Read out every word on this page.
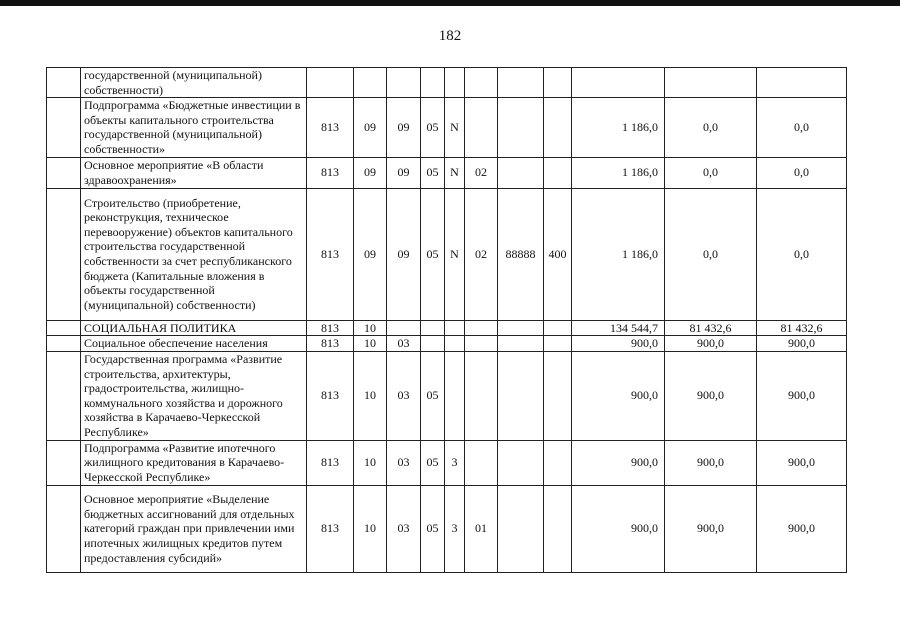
182
	государственной (муниципальной) собственности)											
	Подпрограмма «Бюджетные инвестиции в объекты капитального строительства государственной (муниципальной) собственности»	813	09	09	05	N				1 186,0	0,0	0,0
	Основное мероприятие «В области здравоохранения»	813	09	09	05	N	02			1 186,0	0,0	0,0
	Строительство (приобретение, реконструкция, техническое перевооружение) объектов капитального строительства государственной собственности за счет республиканского бюджета (Капитальные вложения в объекты государственной (муниципальной) собственности)	813	09	09	05	N	02	88888	400	1 186,0	0,0	0,0
	СОЦИАЛЬНАЯ ПОЛИТИКА	813	10							134 544,7	81 432,6	81 432,6
	Социальное обеспечение населения	813	10	03						900,0	900,0	900,0
	Государственная программа «Развитие строительства, архитектуры, градостроительства, жилищно-коммунального хозяйства и дорожного хозяйства в Карачаево-Черкесской Республике»	813	10	03	05					900,0	900,0	900,0
	Подпрограмма «Развитие ипотечного жилищного кредитования в Карачаево-Черкесской Республике»	813	10	03	05	3				900,0	900,0	900,0
	Основное мероприятие «Выделение бюджетных ассигнований для отдельных категорий граждан при привлечении ими ипотечных жилищных кредитов путем предоставления субсидий»	813	10	03	05	3	01			900,0	900,0	900,0
